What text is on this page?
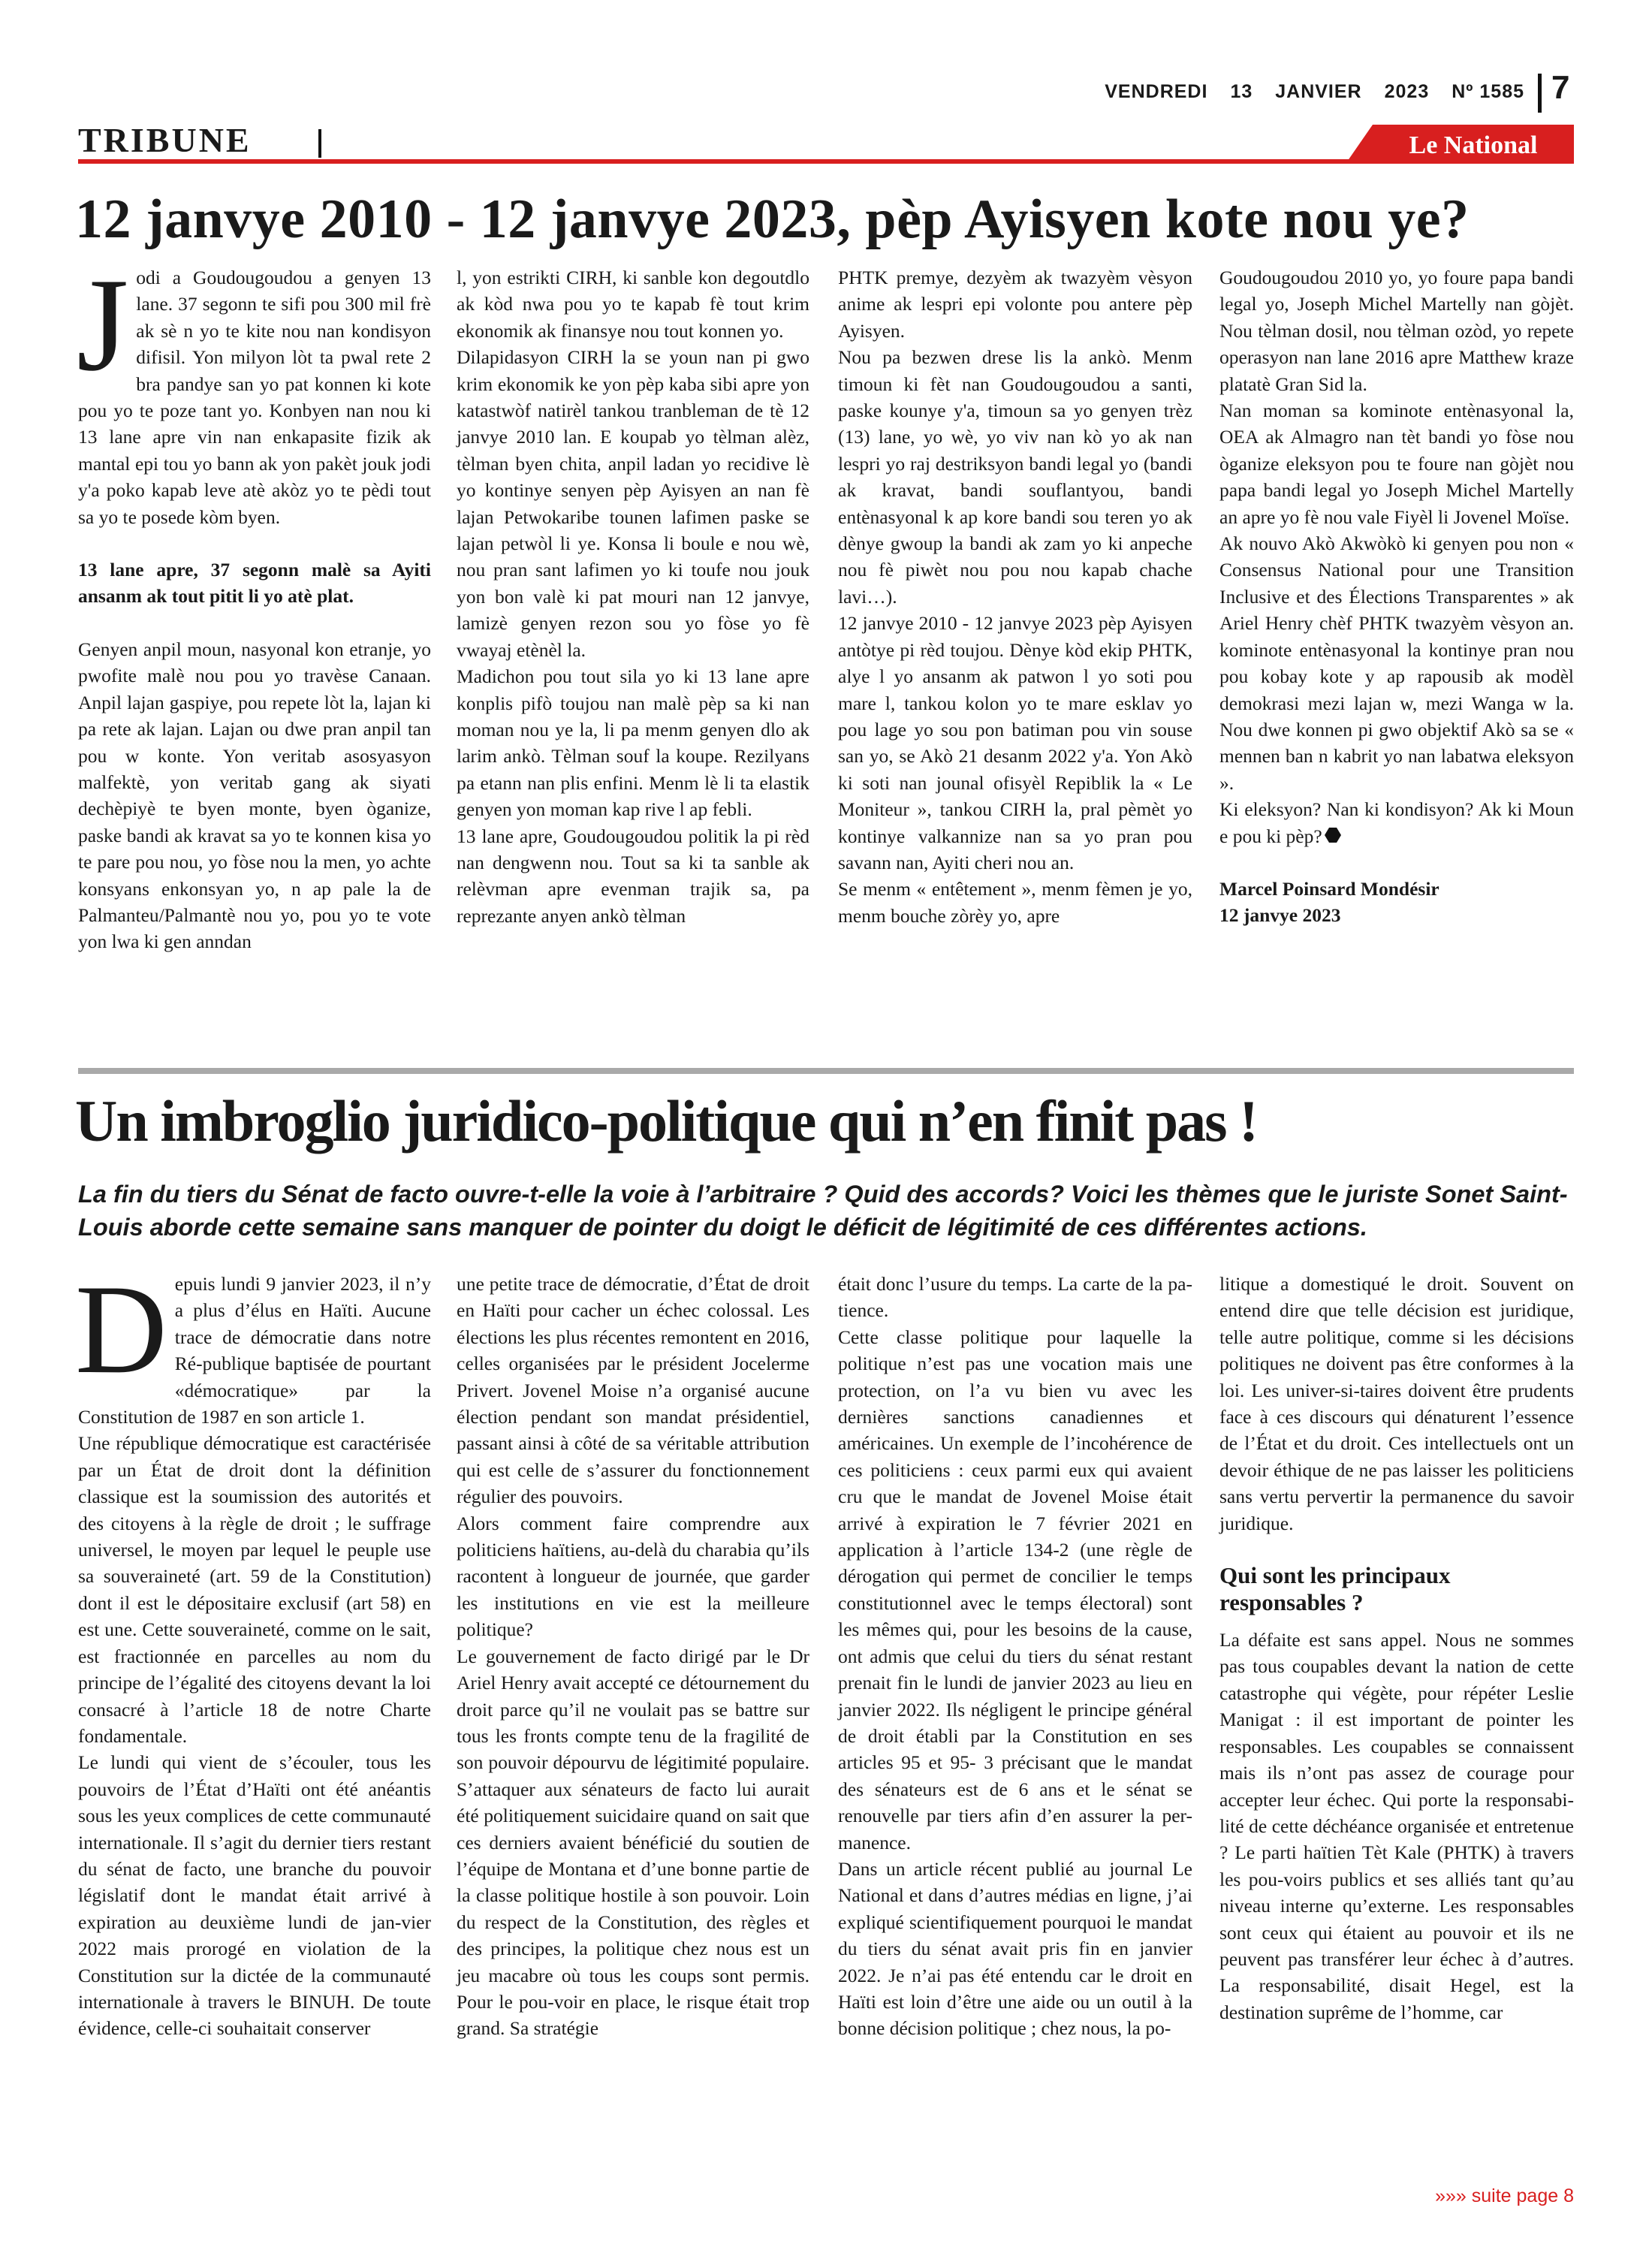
VENDREDI 13 JANVIER 2023 Nº 1585 7
TRIBUNE	Le National
12 janvye 2010 - 12 janvye 2023, pèp Ayisyen kote nou ye?
J odi a Goudougoudou a genyen 13 lane. 37 segonn te sifi pou 300 mil frè ak sè n yo te kite nou nan kondisyon difisil. Yon milyon lòt ta pwal rete 2 bra pandye san yo pat konnen ki kote pou yo te poze tant yo. Konbyen nan nou ki 13 lane apre vin nan enkapasite fizik ak mantal epi tou yo bann ak yon pakèt jouk jodi y'a poko kapab leve atè akòz yo te pèdi tout sa yo te posede kòm byen.

13 lane apre, 37 segonn malè sa Ayiti ansanm ak tout pitit li yo atè plat.

Genyen anpil moun, nasyonal kon etranje, yo pwofite malè nou pou yo travèse Canaan. Anpil lajan gaspiye, pou repete lòt la, lajan ki pa rete ak lajan. Lajan ou dwe pran anpil tan pou w konte. Yon veritab asosyasyon malfektè, yon veritab gang ak siyati dechèpiyè te byen monte, byen òganize, paske bandi ak kravat sa yo te konnen kisa yo te pare pou nou, yo fòse nou la men, yo achte konsyans enkonsyan yo, n ap pale la de Palmanteu/Palmantè nou yo, pou yo te vote yon lwa ki gen anndan

l, yon estrikti CIRH, ki sanble kon degoutdlo ak kòd nwa pou yo te kapab fè tout krim ekonomik ak finansye nou tout konnen yo.

Dilapidasyon CIRH la se youn nan pi gwo krim ekonomik ke yon pèp kaba sibi apre yon katastwòf natirèl tankou tranbleman de tè 12 janvye 2010 lan. E koupab yo tèlman alèz, tèlman byen chita, anpil ladan yo recidive lè yo kontinye senyen pèp Ayisyen an nan fè lajan Petwokaribe tounen lafimen paske se lajan petwòl li ye. Konsa li boule e nou wè, nou pran sant lafimen yo ki toufe nou jouk yon bon valè ki pat mouri nan 12 janvye, lamizè genyen rezon sou yo fòse yo fè vwayaj etènèl la.

Madichon pou tout sila yo ki 13 lane apre konplis pifò toujou nan malè pèp sa ki nan moman nou ye la, li pa menm genyen dlo ak larim ankò. Tèlman souf la koupe. Rezilyans pa etann nan plis enfini. Menm lè li ta elastik genyen yon moman kap rive l ap febli.

13 lane apre, Goudougoudou politik la pi rèd nan dengwenn nou. Tout sa ki ta sanble ak relèvman apre evenman trajik sa, pa reprezante anyen ankò tèlman

PHTK premye, dezyèm ak twazyèm vèsyon anime ak lespri epi volonte pou antere pèp Ayisyen.

Nou pa bezwen drese lis la ankò. Menm timoun ki fèt nan Goudougoudou a santi, paske kounye y'a, timoun sa yo genyen trèz (13) lane, yo wè, yo viv nan kò yo ak nan lespri yo raj destriksyon bandi legal yo (bandi ak kravat, bandi souflantyou, bandi entènasyonal k ap kore bandi sou teren yo ak dènye gwoup la bandi ak zam yo ki anpeche nou fè piwèt nou pou nou kapab chache lavi…).

12 janvye 2010 - 12 janvye 2023 pèp Ayisyen antòtye pi rèd toujou. Dènye kòd ekip PHTK, alye l yo ansanm ak patwon l yo soti pou mare l, tankou kolon yo te mare esklav yo pou lage yo sou pon batiman pou vin souse san yo, se Akò 21 desanm 2022 y'a. Yon Akò ki soti nan jounal ofisyèl Repiblik la « Le Moniteur », tankou CIRH la, pral pèmèt yo kontinye valkannize nan sa yo pran pou savann nan, Ayiti cheri nou an.

Se menm « entêtement », menm fèmen je yo, menm bouche zòrèy yo, apre

Goudougoudou 2010 yo, yo foure papa bandi legal yo, Joseph Michel Martelly nan gòjèt. Nou tèlman dosil, nou tèlman ozòd, yo repete operasyon nan lane 2016 apre Matthew kraze platatè Gran Sid la.

Nan moman sa kominote entènasyonal la, OEA ak Almagro nan tèt bandi yo fòse nou òganize eleksyon pou te foure nan gòjèt nou papa bandi legal yo Joseph Michel Martelly an apre yo fè nou vale Fiyèl li Jovenel Moïse.

Ak nouvo Akò Akwòkò ki genyen pou non « Consensus National pour une Transition Inclusive et des Élections Transparentes » ak Ariel Henry chèf PHTK twazyèm vèsyon an. kominote entènasyonal la kontinye pran nou pou kobay kote y ap rapousib ak modèl demokrasi mezi lajan w, mezi Wanga w la. Nou dwe konnen pi gwo objektif Akò sa se « mennen ban n kabrit yo nan labatwa eleksyon ».

Ki eleksyon? Nan ki kondisyon? Ak ki Moun e pou ki pèp?

Marcel Poinsard Mondésir

12 janvye 2023

Un imbroglio juridico-politique qui n’en finit pas !
La fin du tiers du Sénat de facto ouvre-t-elle la voie à l’arbitraire ? Quid des accords? Voici les thèmes que le juriste Sonet Saint-Louis aborde cette semaine sans manquer de pointer du doigt le déficit de légitimité de ces différentes actions.
D epuis lundi 9 janvier 2023, il n’y a plus d’élus en Haïti. Aucune trace de démocratie dans notre Ré-publique baptisée de pourtant «démocratique» par la Constitution de 1987 en son article 1.

Une république démocratique est caractérisée par un État de droit dont la définition classique est la soumission des autorités et des citoyens à la règle de droit ; le suffrage universel, le moyen par lequel le peuple use sa souveraineté (art. 59 de la Constitution) dont il est le dépositaire exclusif (art 58) en est une. Cette souveraineté, comme on le sait, est fractionnée en parcelles au nom du principe de l’égalité des citoyens devant la loi consacré à l’article 18 de notre Charte fondamentale.

Le lundi qui vient de s’écouler, tous les pouvoirs de l’État d’Haïti ont été anéantis sous les yeux complices de cette communauté internationale. Il s’agit du dernier tiers restant du sénat de facto, une branche du pouvoir législatif dont le mandat était arrivé à expiration au deuxième lundi de jan-vier 2022 mais prorogé en violation de la Constitution sur la dictée de la communauté internationale à travers le BINUH. De toute évidence, celle-ci souhaitait conserver

une petite trace de démocratie, d’État de droit en Haïti pour cacher un échec colossal. Les élections les plus récentes remontent en 2016, celles organisées par le président Jocelerme Privert. Jovenel Moise n’a organisé aucune élection pendant son mandat présidentiel, passant ainsi à côté de sa véritable attribution qui est celle de s’assurer du fonctionnement régulier des pouvoirs.

Alors comment faire comprendre aux politiciens haïtiens, au-delà du charabia qu’ils racontent à longueur de journée, que garder les institutions en vie est la meilleure politique?

Le gouvernement de facto dirigé par le Dr Ariel Henry avait accepté ce détournement du droit parce qu’il ne voulait pas se battre sur tous les fronts compte tenu de la fragilité de son pouvoir dépourvu de légitimité populaire. S’attaquer aux sénateurs de facto lui aurait été politiquement suicidaire quand on sait que ces derniers avaient bénéficié du soutien de l’équipe de Montana et d’une bonne partie de la classe politique hostile à son pouvoir. Loin du respect de la Constitution, des règles et des principes, la politique chez nous est un jeu macabre où tous les coups sont permis. Pour le pou-voir en place, le risque était trop grand. Sa stratégie

était donc l’usure du temps. La carte de la pa-tience.

Cette classe politique pour laquelle la politique n’est pas une vocation mais une protection, on l’a vu bien vu avec les dernières sanctions canadiennes et américaines. Un exemple de l’incohérence de ces politiciens : ceux parmi eux qui avaient cru que le mandat de Jovenel Moise était arrivé à expiration le 7 février 2021 en application à l’article 134-2 (une règle de dérogation qui permet de concilier le temps constitutionnel avec le temps électoral) sont les mêmes qui, pour les besoins de la cause, ont admis que celui du tiers du sénat restant prenait fin le lundi de janvier 2023 au lieu en janvier 2022. Ils négligent le principe général de droit établi par la Constitution en ses articles 95 et 95- 3 précisant que le mandat des sénateurs est de 6 ans et le sénat se renouvelle par tiers afin d’en assurer la per-manence.

Dans un article récent publié au journal Le National et dans d’autres médias en ligne, j’ai expliqué scientifiquement pourquoi le mandat du tiers du sénat avait pris fin en janvier 2022. Je n’ai pas été entendu car le droit en Haïti est loin d’être une aide ou un outil à la bonne décision politique ; chez nous, la po-

litique a domestiqué le droit. Souvent on entend dire que telle décision est juridique, telle autre politique, comme si les décisions politiques ne doivent pas être conformes à la loi. Les univer-si-taires doivent être prudents face à ces discours qui dénaturent l’essence de l’État et du droit. Ces intellectuels ont un devoir éthique de ne pas laisser les politiciens sans vertu pervertir la permanence du savoir juridique.

Qui sont les principaux responsables ?

La défaite est sans appel. Nous ne sommes pas tous coupables devant la nation de cette catastrophe qui végète, pour répéter Leslie Manigat : il est important de pointer les responsables. Les coupables se connaissent mais ils n’ont pas assez de courage pour accepter leur échec. Qui porte la responsabi-lité de cette déchéance organisée et entretenue ? Le parti haïtien Tèt Kale (PHTK) à travers les pou-voirs publics et ses alliés tant qu’au niveau interne qu’externe. Les responsables sont ceux qui étaient au pouvoir et ils ne peuvent pas transférer leur échec à d’autres. La responsabilité, disait Hegel, est la destination suprême de l’homme, car

»»» suite page 8
